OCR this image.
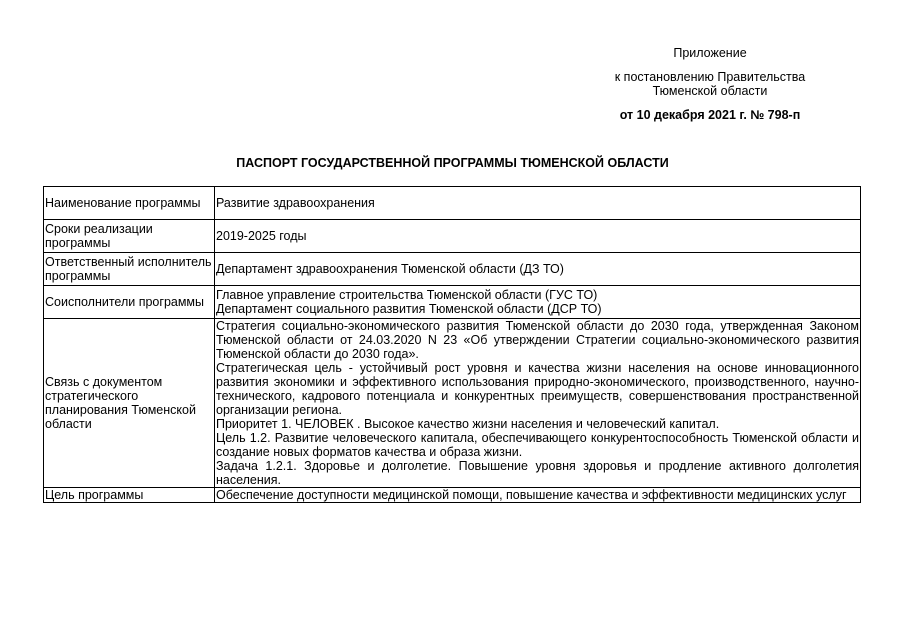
Приложение
к постановлению Правительства
Тюменской области
от 10 декабря 2021 г. № 798-п
ПАСПОРТ ГОСУДАРСТВЕННОЙ ПРОГРАММЫ ТЮМЕНСКОЙ ОБЛАСТИ
Наименование программы	Развитие здравоохранения
Сроки реализации программы	2019-2025 годы
Ответственный исполнитель программы	Департамент здравоохранения Тюменской области (ДЗ ТО)
Соисполнители программы	Главное управление строительства Тюменской области (ГУС ТО)
Департамент социального развития Тюменской области (ДСР ТО)

Связь с документом стратегического планирования Тюменской области	Стратегия социально-экономического развития Тюменской области до 2030 года, утвержденная Законом Тюменской области от 24.03.2020 N 23 «Об утверждении Стратегии социально-экономического развития Тюменской области до 2030 года».
Стратегическая цель - устойчивый рост уровня и качества жизни населения на основе инновационного развития экономики и эффективного использования природно-экономического, производственного, научно-технического, кадрового потенциала и конкурентных преимуществ, совершенствования пространственной организации региона.
Приоритет 1. ЧЕЛОВЕК . Высокое качество жизни населения и человеческий капитал.
Цель 1.2. Развитие человеческого капитала, обеспечивающего конкурентоспособность Тюменской области и создание новых форматов качества и образа жизни.
Задача 1.2.1. Здоровье и долголетие. Повышение уровня здоровья и продление активного долголетия населения.

Цель программы	Обеспечение доступности медицинской помощи, повышение качества и эффективности медицинских услуг
